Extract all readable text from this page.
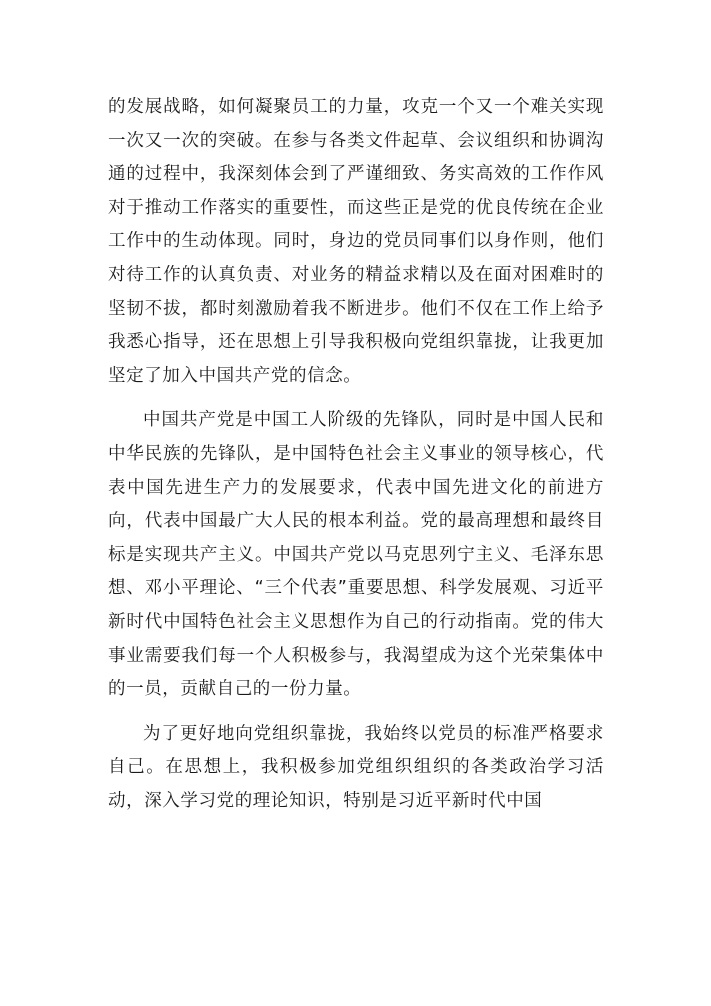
的发展战略，如何凝聚员工的力量，攻克一个又一个难关实现一次又一次的突破。在参与各类文件起草、会议组织和协调沟通的过程中，我深刻体会到了严谨细致、务实高效的工作作风对于推动工作落实的重要性，而这些正是党的优良传统在企业工作中的生动体现。同时，身边的党员同事们以身作则，他们对待工作的认真负责、对业务的精益求精以及在面对困难时的坚韧不拔，都时刻激励着我不断进步。他们不仅在工作上给予我悉心指导，还在思想上引导我积极向党组织靠拢，让我更加坚定了加入中国共产党的信念。

中国共产党是中国工人阶级的先锋队，同时是中国人民和中华民族的先锋队，是中国特色社会主义事业的领导核心，代表中国先进生产力的发展要求，代表中国先进文化的前进方向，代表中国最广大人民的根本利益。党的最高理想和最终目标是实现共产主义。中国共产党以马克思列宁主义、毛泽东思想、邓小平理论、“三个代表”重要思想、科学发展观、习近平新时代中国特色社会主义思想作为自己的行动指南。党的伟大事业需要我们每一个人积极参与，我渴望成为这个光荣集体中的一员，贡献自己的一份力量。

为了更好地向党组织靠拢，我始终以党员的标准严格要求自己。在思想上，我积极参加党组织组织的各类政治学习活动，深入学习党的理论知识，特别是习近平新时代中国
